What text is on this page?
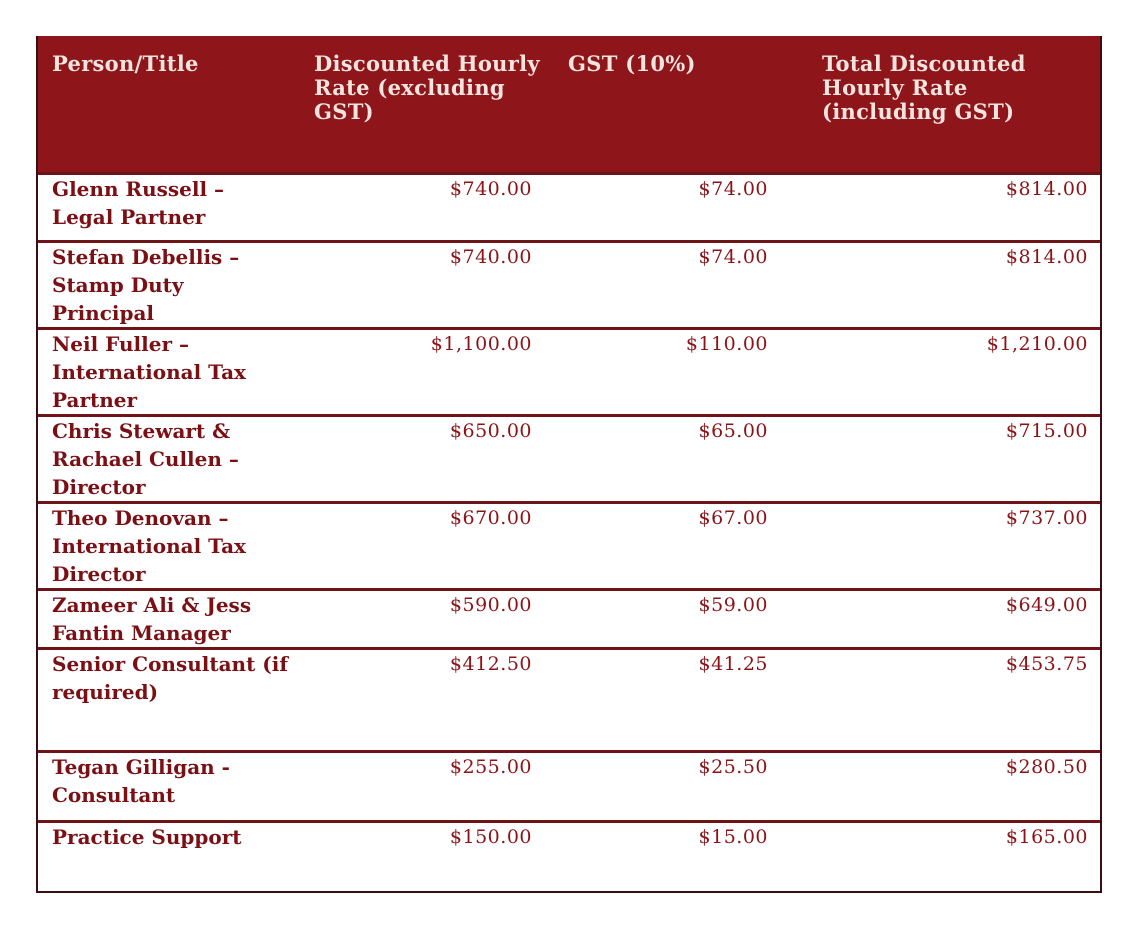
Person/Title	Discounted Hourly Rate (excluding GST)	GST (10%)	Total Discounted Hourly Rate (including GST)
Glenn Russell – Legal Partner	$740.00	$74.00	$814.00
Stefan Debellis – Stamp Duty Principal	$740.00	$74.00	$814.00
Neil Fuller – International Tax Partner	$1,100.00	$110.00	$1,210.00
Chris Stewart & Rachael Cullen – Director	$650.00	$65.00	$715.00
Theo Denovan – International Tax Director	$670.00	$67.00	$737.00
Zameer Ali & Jess Fantin Manager	$590.00	$59.00	$649.00
Senior Consultant (if required)	$412.50	$41.25	$453.75
Tegan Gilligan - Consultant	$255.00	$25.50	$280.50
Practice Support	$150.00	$15.00	$165.00
